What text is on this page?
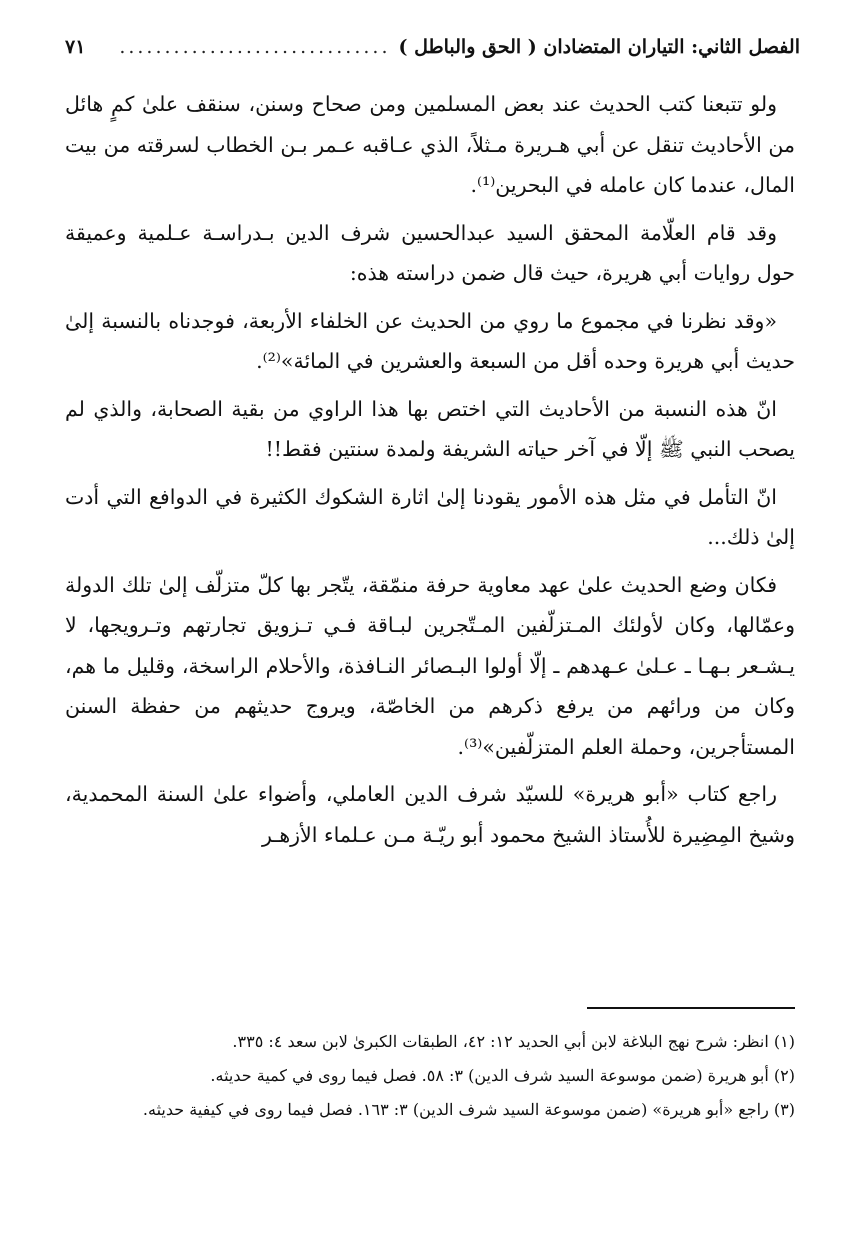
الفصل الثاني: التياران المتضادان ( الحق والباطل )
..............................
٧١

ولو تتبعنا كتب الحديث عند بعض المسلمين ومن صحاح وسنن، سنقف علىٰ كمٍ هائل من الأحاديث تنقل عن أبي هـريرة مـثلاً، الذي عـاقبه عـمر بـن الخطاب لسرقته من بيت المال، عندما كان عامله في البحرين⁽¹⁾.

وقد قام العلّامة المحقق السيد عبدالحسين شرف الدين بـدراسـة عـلمية وعميقة حول روايات أبي هريرة، حيث قال ضمن دراسته هذه:

«وقد نظرنا في مجموع ما روي من الحديث عن الخلفاء الأربعة، فوجدناه بالنسبة إلىٰ حديث أبي هريرة وحده أقل من السبعة والعشرين في المائة»⁽²⁾.

انّ هذه النسبة من الأحاديث التي اختص بها هذا الراوي من بقية الصحابة، والذي لم يصحب النبي ﷺ إلّا في آخر حياته الشريفة ولمدة سنتين فقط!!

انّ التأمل في مثل هذه الأمور يقودنا إلىٰ اثارة الشكوك الكثيرة في الدوافع التي أدت إلىٰ ذلك...

فكان وضع الحديث علىٰ عهد معاوية حرفة منمّقة، يتّجر بها كلّ متزلّف إلىٰ تلك الدولة وعمّالها، وكان لأولئك المـتزلّفين المـتّجرين لبـاقة فـي تـزويق تجارتهم وتـرويجها، لا يـشـعر بـهـا ـ عـلىٰ عـهدهم ـ إلّا أولوا البـصائر النـافذة، والأحلام الراسخة، وقليل ما هم، وكان من ورائهم من يرفع ذكرهم من الخاصّة، ويروج حديثهم من حفظة السنن المستأجرين، وحملة العلم المتزلّفين»⁽³⁾.

راجع كتاب «أبو هريرة» للسيّد شرف الدين العاملي، وأضواء علىٰ السنة المحمدية، وشيخ المِضِيرة للأُستاذ الشيخ محمود أبو ريّـة مـن عـلماء الأزهـر

(١) انظر: شرح نهج البلاغة لابن أبي الحديد ١٢: ٤٢، الطبقات الكبرىٰ لابن سعد ٤: ٣٣٥.
(٢) أبو هريرة (ضمن موسوعة السيد شرف الدين) ٣: ٥٨. فصل فيما روى في كمية حديثه.
(٣) راجع «أبو هريرة» (ضمن موسوعة السيد شرف الدين) ٣: ١٦٣. فصل فيما روى في كيفية حديثه.
